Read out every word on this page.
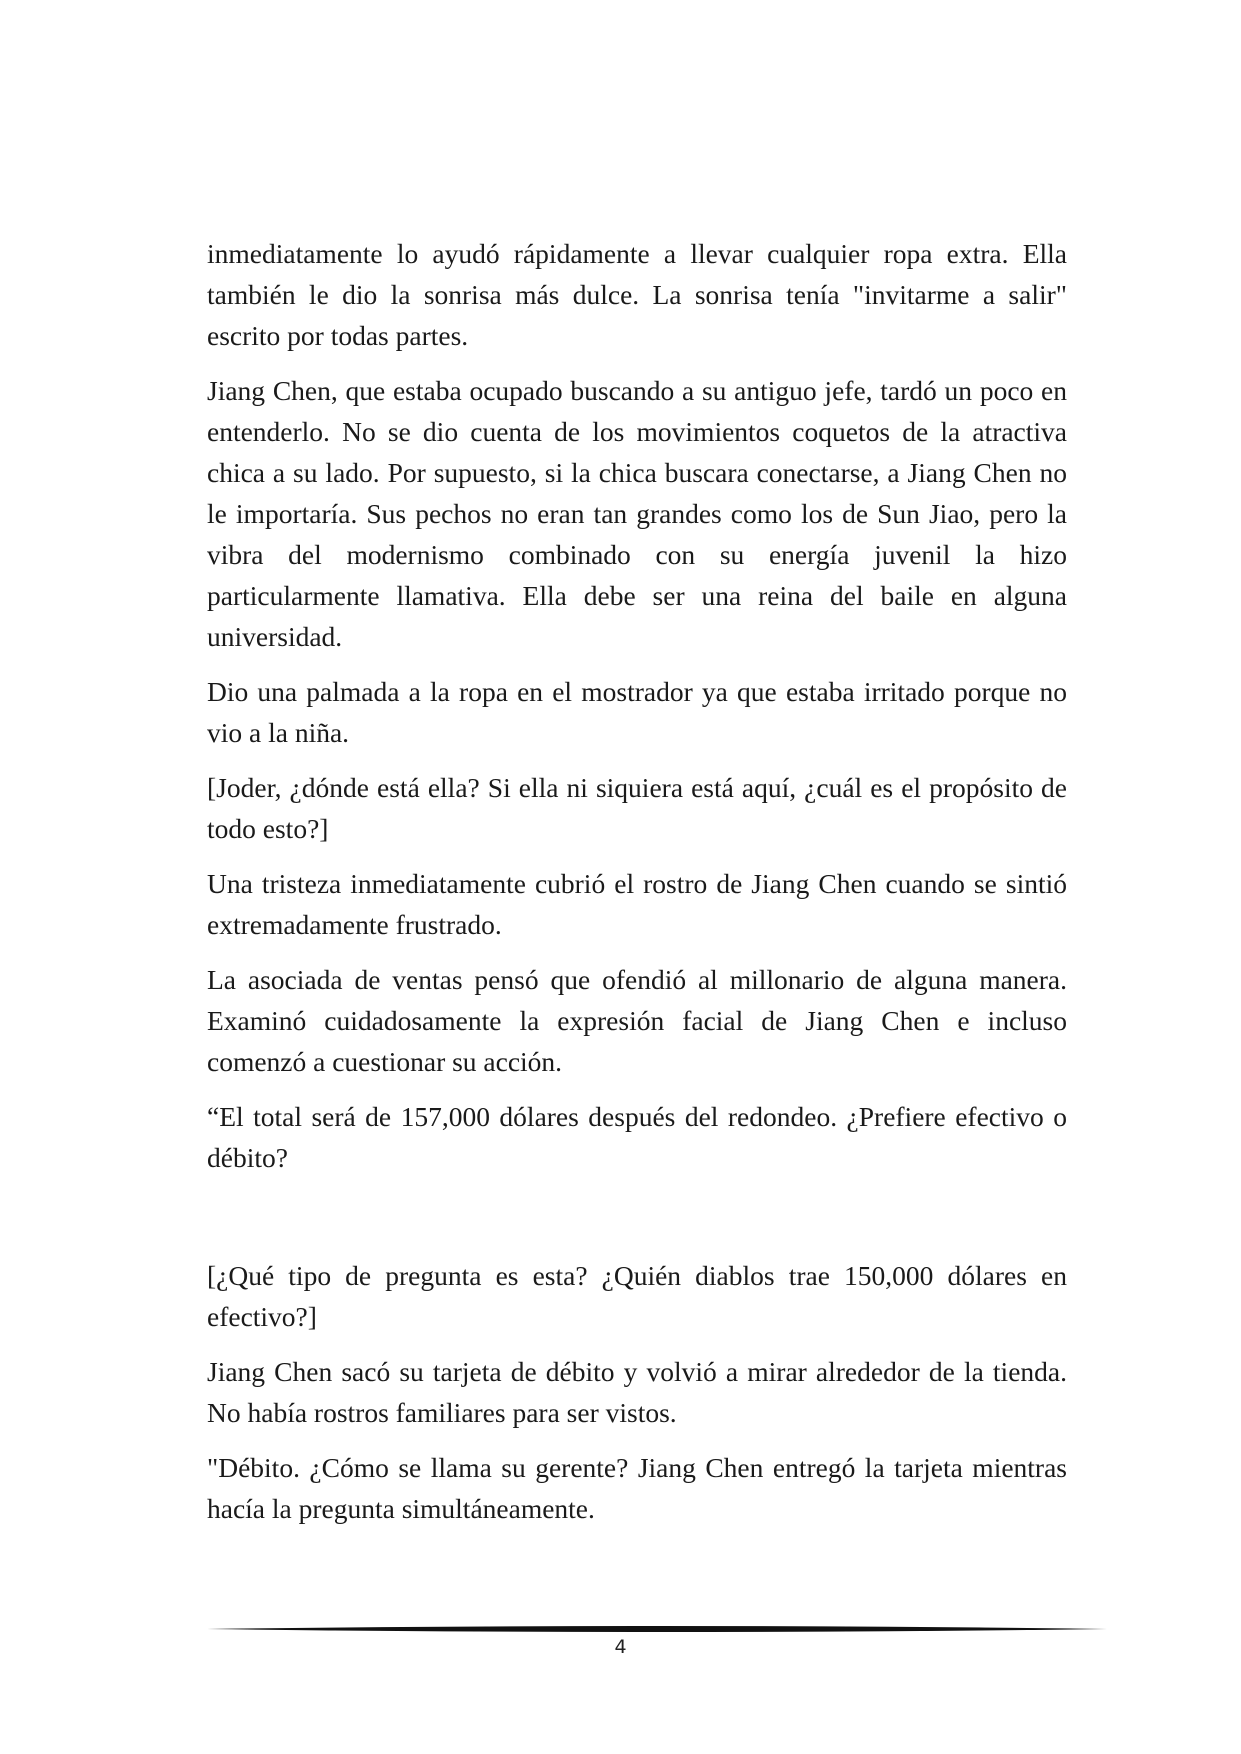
inmediatamente lo ayudó rápidamente a llevar cualquier ropa extra. Ella también le dio la sonrisa más dulce. La sonrisa tenía "invitarme a salir" escrito por todas partes.

Jiang Chen, que estaba ocupado buscando a su antiguo jefe, tardó un poco en entenderlo. No se dio cuenta de los movimientos coquetos de la atractiva chica a su lado. Por supuesto, si la chica buscara conectarse, a Jiang Chen no le importaría. Sus pechos no eran tan grandes como los de Sun Jiao, pero la vibra del modernismo combinado con su energía juvenil la hizo particularmente llamativa. Ella debe ser una reina del baile en alguna universidad.

Dio una palmada a la ropa en el mostrador ya que estaba irritado porque no vio a la niña.

[Joder, ¿dónde está ella? Si ella ni siquiera está aquí, ¿cuál es el propósito de todo esto?]

Una tristeza inmediatamente cubrió el rostro de Jiang Chen cuando se sintió extremadamente frustrado.

La asociada de ventas pensó que ofendió al millonario de alguna manera. Examinó cuidadosamente la expresión facial de Jiang Chen e incluso comenzó a cuestionar su acción.

“El total será de 157,000 dólares después del redondeo. ¿Prefiere efectivo o débito?

[¿Qué tipo de pregunta es esta? ¿Quién diablos trae 150,000 dólares en efectivo?]

Jiang Chen sacó su tarjeta de débito y volvió a mirar alrededor de la tienda. No había rostros familiares para ser vistos.

"Débito. ¿Cómo se llama su gerente? Jiang Chen entregó la tarjeta mientras hacía la pregunta simultáneamente.

4
